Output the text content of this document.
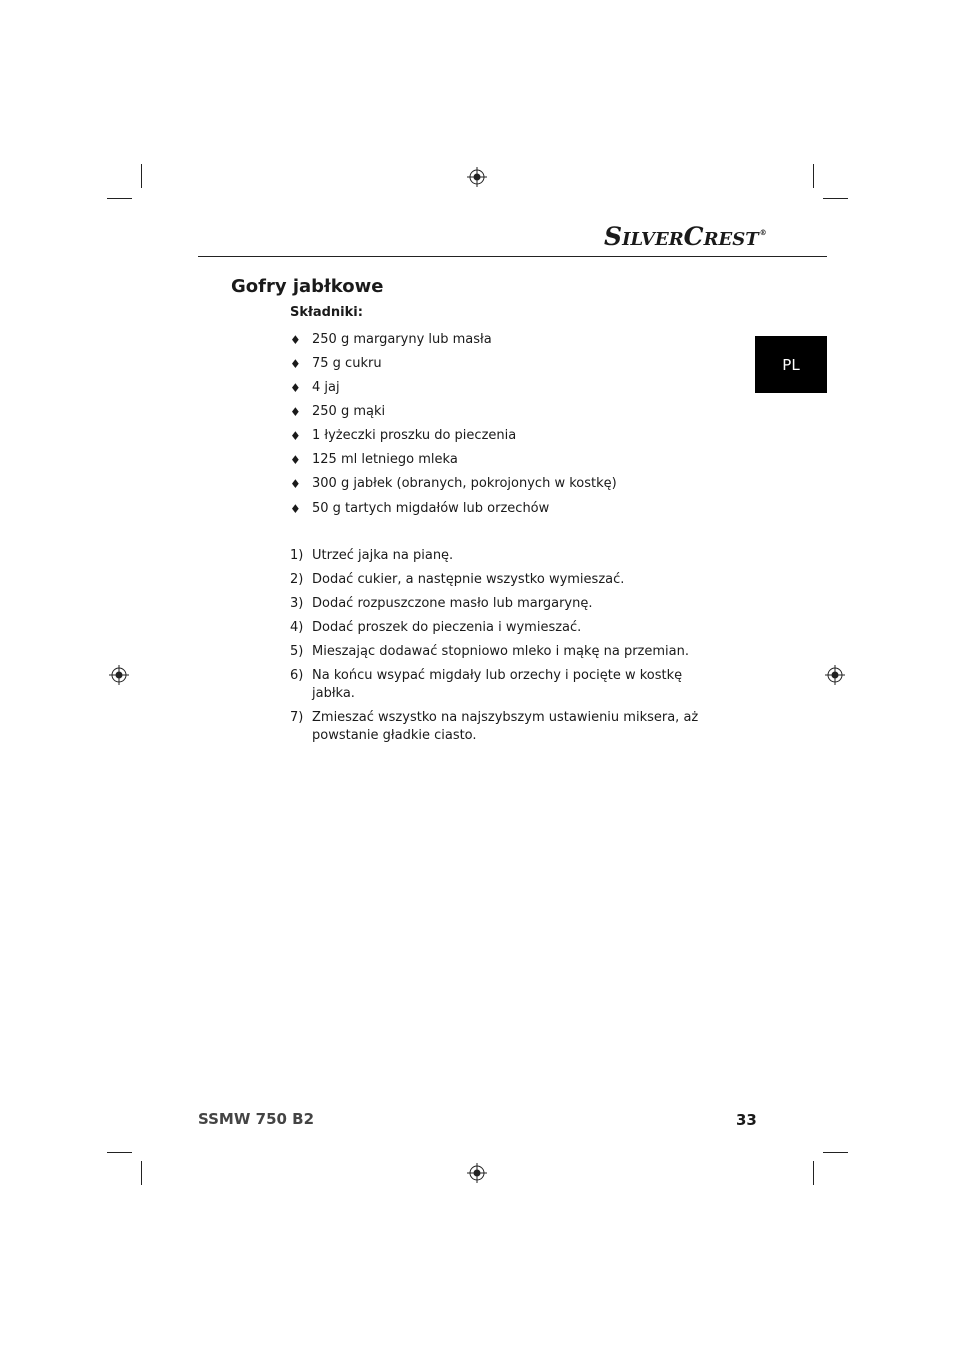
SILVERCREST®
PL
Gofry jabłkowe
Składniki:
♦ 250 g margaryny lub masła
♦ 75 g cukru
♦ 4 jaj
♦ 250 g mąki
♦ 1 łyżeczki proszku do pieczenia
♦ 125 ml letniego mleka
♦ 300 g jabłek (obranych, pokrojonych w kostkę)
♦ 50 g tartych migdałów lub orzechów
1) Utrzeć jajka na pianę.
2) Dodać cukier, a następnie wszystko wymieszać.
3) Dodać rozpuszczone masło lub margarynę.
4) Dodać proszek do pieczenia i wymieszać.
5) Mieszając dodawać stopniowo mleko i mąkę na przemian.
6) Na końcu wsypać migdały lub orzechy i pocięte w kostkę jabłka.
7) Zmieszać wszystko na najszybszym ustawieniu miksera, aż powstanie gładkie ciasto.
SSMW 750 B2	33
